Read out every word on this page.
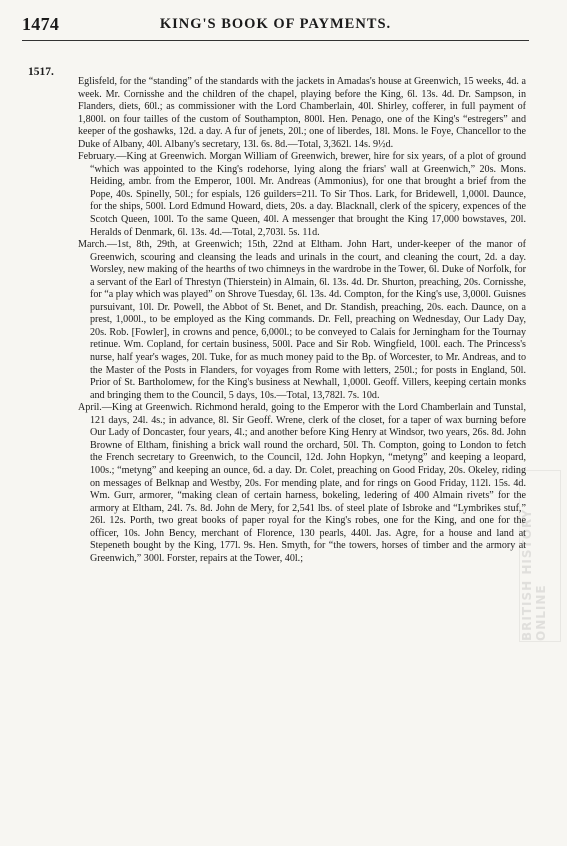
1474	KING'S BOOK OF PAYMENTS.
1517.

Eglisfeld, for the “standing” of the standards with the jackets in Amadas's house at Greenwich, 15 weeks, 4d. a week. Mr. Cornisshe and the children of the chapel, playing before the King, 6l. 13s. 4d. Dr. Sampson, in Flanders, diets, 60l.; as commissioner with the Lord Chamberlain, 40l. Shirley, cofferer, in full payment of 1,800l. on four tailles of the custom of Southampton, 800l. Hen. Penago, one of the King's “estregers” and keeper of the goshawks, 12d. a day. A fur of jenets, 20l.; one of liberdes, 18l. Mons. le Foye, Chancellor to the Duke of Albany, 40l. Albany's secretary, 13l. 6s. 8d.—Total, 3,362l. 14s. 9½d.

February.—King at Greenwich. Morgan William of Greenwich, brewer, hire for six years, of a plot of ground “which was appointed to the King's rodehorse, lying along the friars' wall at Greenwich,” 20s. Mons. Heiding, ambr. from the Emperor, 100l. Mr. Andreas (Ammonius), for one that brought a brief from the Pope, 40s. Spinelly, 50l.; for espials, 126 guilders=21l. To Sir Thos. Lark, for Bridewell, 1,000l. Daunce, for the ships, 500l. Lord Edmund Howard, diets, 20s. a day. Blacknall, clerk of the spicery, expences of the Scotch Queen, 100l. To the same Queen, 40l. A messenger that brought the King 17,000 bowstaves, 20l. Heralds of Denmark, 6l. 13s. 4d.—Total, 2,703l. 5s. 11d.

March.—1st, 8th, 29th, at Greenwich; 15th, 22nd at Eltham. John Hart, under-keeper of the manor of Greenwich, scouring and cleansing the leads and urinals in the court, and cleaning the court, 2d. a day. Worsley, new making of the hearths of two chimneys in the wardrobe in the Tower, 6l. Duke of Norfolk, for a servant of the Earl of Threstyn (Thierstein) in Almain, 6l. 13s. 4d. Dr. Shurton, preaching, 20s. Cornisshe, for “a play which was played” on Shrove Tuesday, 6l. 13s. 4d. Compton, for the King's use, 3,000l. Guisnes pursuivant, 10l. Dr. Powell, the Abbot of St. Benet, and Dr. Standish, preaching, 20s. each. Daunce, on a prest, 1,000l., to be employed as the King commands. Dr. Fell, preaching on Wednesday, Our Lady Day, 20s. Rob. [Fowler], in crowns and pence, 6,000l.; to be conveyed to Calais for Jerningham for the Tournay retinue. Wm. Copland, for certain business, 500l. Pace and Sir Rob. Wingfield, 100l. each. The Princess's nurse, half year's wages, 20l. Tuke, for as much money paid to the Bp. of Worcester, to Mr. Andreas, and to the Master of the Posts in Flanders, for voyages from Rome with letters, 250l.; for posts in England, 50l. Prior of St. Bartholomew, for the King's business at Newhall, 1,000l. Geoff. Villers, keeping certain monks and bringing them to the Council, 5 days, 10s.—Total, 13,782l. 7s. 10d.

April.—King at Greenwich. Richmond herald, going to the Emperor with the Lord Chamberlain and Tunstal, 121 days, 24l. 4s.; in advance, 8l. Sir Geoff. Wrene, clerk of the closet, for a taper of wax burning before Our Lady of Doncaster, four years, 4l.; and another before King Henry at Windsor, two years, 26s. 8d. John Browne of Eltham, finishing a brick wall round the orchard, 50l. Th. Compton, going to London to fetch the French secretary to Greenwich, to the Council, 12d. John Hopkyn, “metyng” and keeping a leopard, 100s.; “metyng” and keeping an ounce, 6d. a day. Dr. Colet, preaching on Good Friday, 20s. Okeley, riding on messages of Belknap and Westby, 20s. For mending plate, and for rings on Good Friday, 112l. 15s. 4d. Wm. Gurr, armorer, “making clean of certain harness, bokeling, ledering of 400 Almain rivets” for the armory at Eltham, 24l. 7s. 8d. John de Mery, for 2,541 lbs. of steel plate of Isbroke and “Lymbrikes stuf,” 26l. 12s. Porth, two great books of paper royal for the King's robes, one for the King, and one for the officer, 10s. John Bency, merchant of Florence, 130 pearls, 440l. Jas. Agre, for a house and land at Stepeneth bought by the King, 177l. 9s. Hen. Smyth, for “the towers, horses of timber and the armory at Greenwich,” 300l. Forster, repairs at the Tower, 40l.;	BRITISH HISTORY ONLINE
